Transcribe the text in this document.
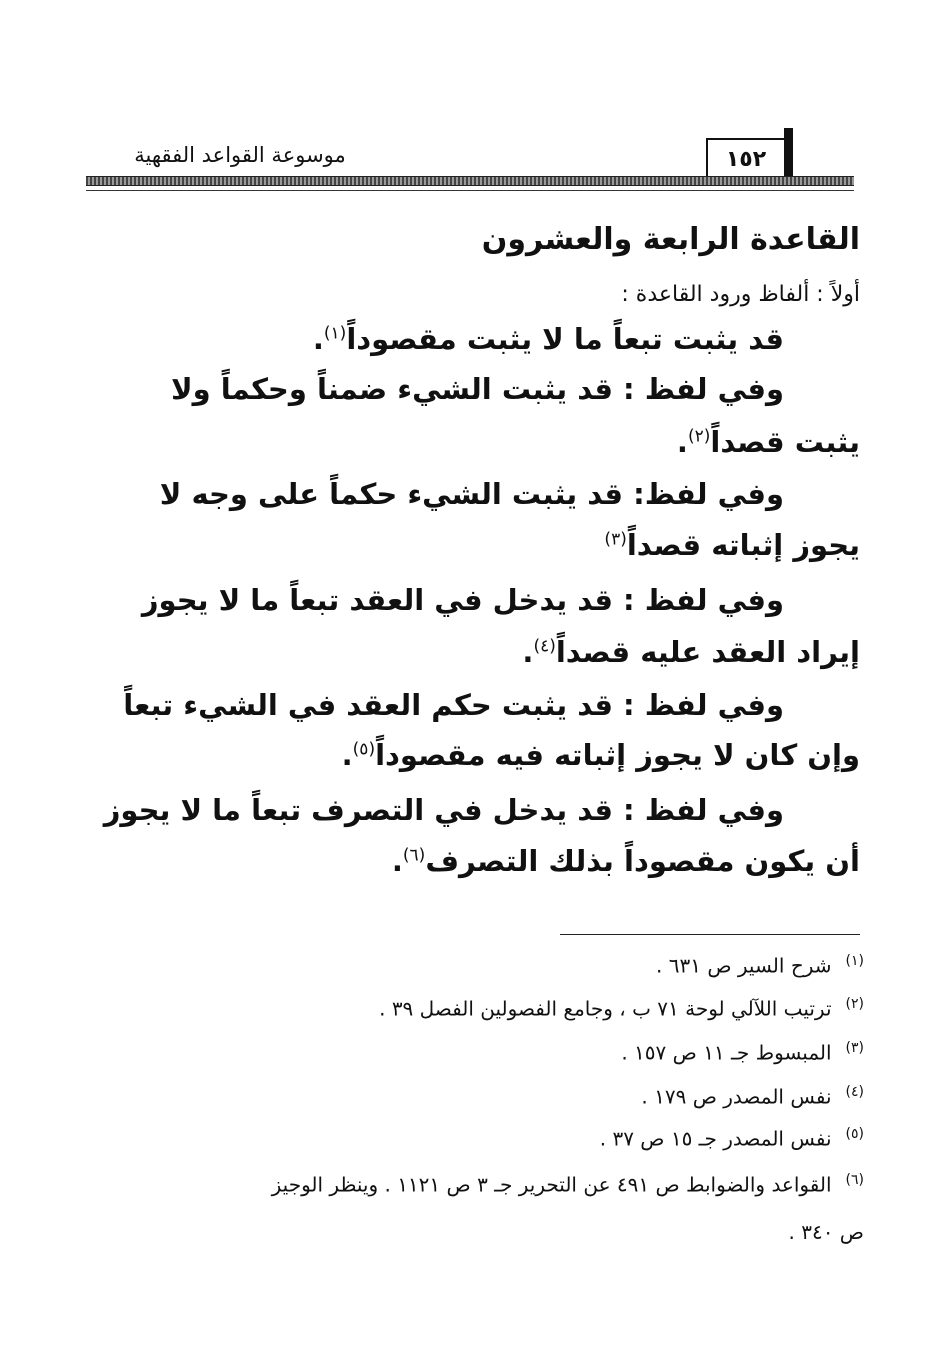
موسوعة القواعد الفقهية	١٥٢
القاعدة الرابعة والعشرون
أولاً : ألفاظ ورود القاعدة :
قد يثبت تبعاً ما لا يثبت مقصوداً$^{(١)}$.
وفي لفظ : قد يثبت الشيء ضمناً وحكماً ولا
يثبت قصداً$^{(٢)}$.
وفي لفظ: قد يثبت الشيء حكماً على وجه لا
يجوز إثباته قصداً$^{(٣)}$
وفي لفظ : قد يدخل في العقد تبعاً ما لا يجوز
إيراد العقد عليه قصداً$^{(٤)}$.
وفي لفظ : قد يثبت حكم العقد في الشيء تبعاً
وإن كان لا يجوز إثباته فيه مقصوداً$^{(٥)}$.
وفي لفظ : قد يدخل في التصرف تبعاً ما لا يجوز
أن يكون مقصوداً بذلك التصرف$^{(٦)}$.
$^{(١)}$شرح السير ص ٦٣١ .
$^{(٢)}$ترتيب اللآلي لوحة ٧١ ب ، وجامع الفصولين الفصل ٣٩ .
$^{(٣)}$المبسوط جـ ١١ ص ١٥٧ .
$^{(٤)}$نفس المصدر ص ١٧٩ .
$^{(٥)}$نفس المصدر جـ ١٥ ص ٣٧ .
$^{(٦)}$القواعد والضوابط ص ٤٩١ عن التحرير جـ ٣ ص ١١٢١ . وينظر الوجيز
ص ٣٤٠ .
